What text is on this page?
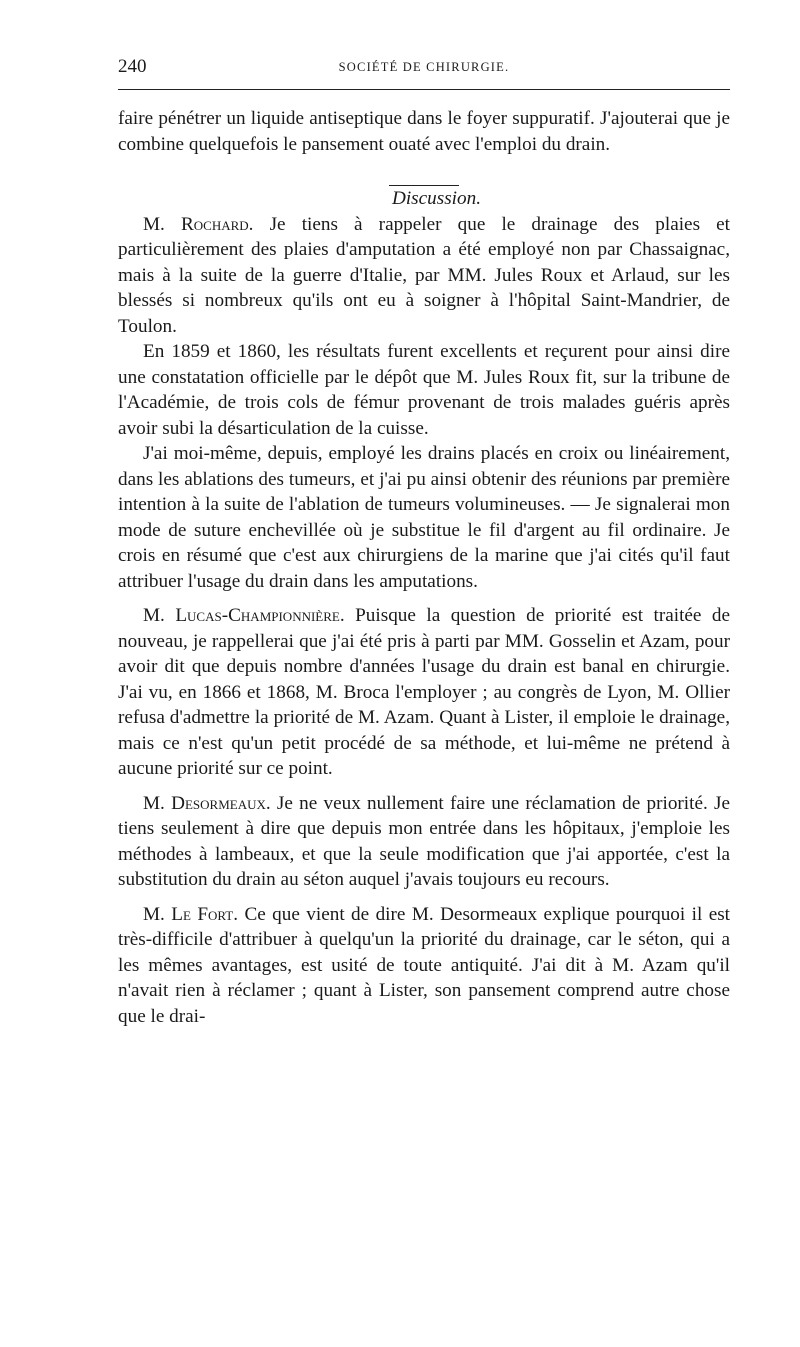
240	SOCIÉTÉ DE CHIRURGIE.

faire pénétrer un liquide antiseptique dans le foyer suppuratif. J'ajouterai que je combine quelquefois le pansement ouaté avec l'emploi du drain.

Discussion.

M. Rochard. Je tiens à rappeler que le drainage des plaies et particulièrement des plaies d'amputation a été employé non par Chassaignac, mais à la suite de la guerre d'Italie, par MM. Jules Roux et Arlaud, sur les blessés si nombreux qu'ils ont eu à soigner à l'hôpital Saint-Mandrier, de Toulon.

En 1859 et 1860, les résultats furent excellents et reçurent pour ainsi dire une constatation officielle par le dépôt que M. Jules Roux fit, sur la tribune de l'Académie, de trois cols de fémur provenant de trois malades guéris après avoir subi la désarticulation de la cuisse.

J'ai moi-même, depuis, employé les drains placés en croix ou linéairement, dans les ablations des tumeurs, et j'ai pu ainsi obtenir des réunions par première intention à la suite de l'ablation de tumeurs volumineuses. — Je signalerai mon mode de suture enchevillée où je substitue le fil d'argent au fil ordinaire. Je crois en résumé que c'est aux chirurgiens de la marine que j'ai cités qu'il faut attribuer l'usage du drain dans les amputations.

M. Lucas-Championnière. Puisque la question de priorité est traitée de nouveau, je rappellerai que j'ai été pris à parti par MM. Gosselin et Azam, pour avoir dit que depuis nombre d'années l'usage du drain est banal en chirurgie. J'ai vu, en 1866 et 1868, M. Broca l'employer ; au congrès de Lyon, M. Ollier refusa d'admettre la priorité de M. Azam. Quant à Lister, il emploie le drainage, mais ce n'est qu'un petit procédé de sa méthode, et lui-même ne prétend à aucune priorité sur ce point.

M. Desormeaux. Je ne veux nullement faire une réclamation de priorité. Je tiens seulement à dire que depuis mon entrée dans les hôpitaux, j'emploie les méthodes à lambeaux, et que la seule modification que j'ai apportée, c'est la substitution du drain au séton auquel j'avais toujours eu recours.

M. Le Fort. Ce que vient de dire M. Desormeaux explique pourquoi il est très-difficile d'attribuer à quelqu'un la priorité du drainage, car le séton, qui a les mêmes avantages, est usité de toute antiquité. J'ai dit à M. Azam qu'il n'avait rien à réclamer ; quant à Lister, son pansement comprend autre chose que le drai-
